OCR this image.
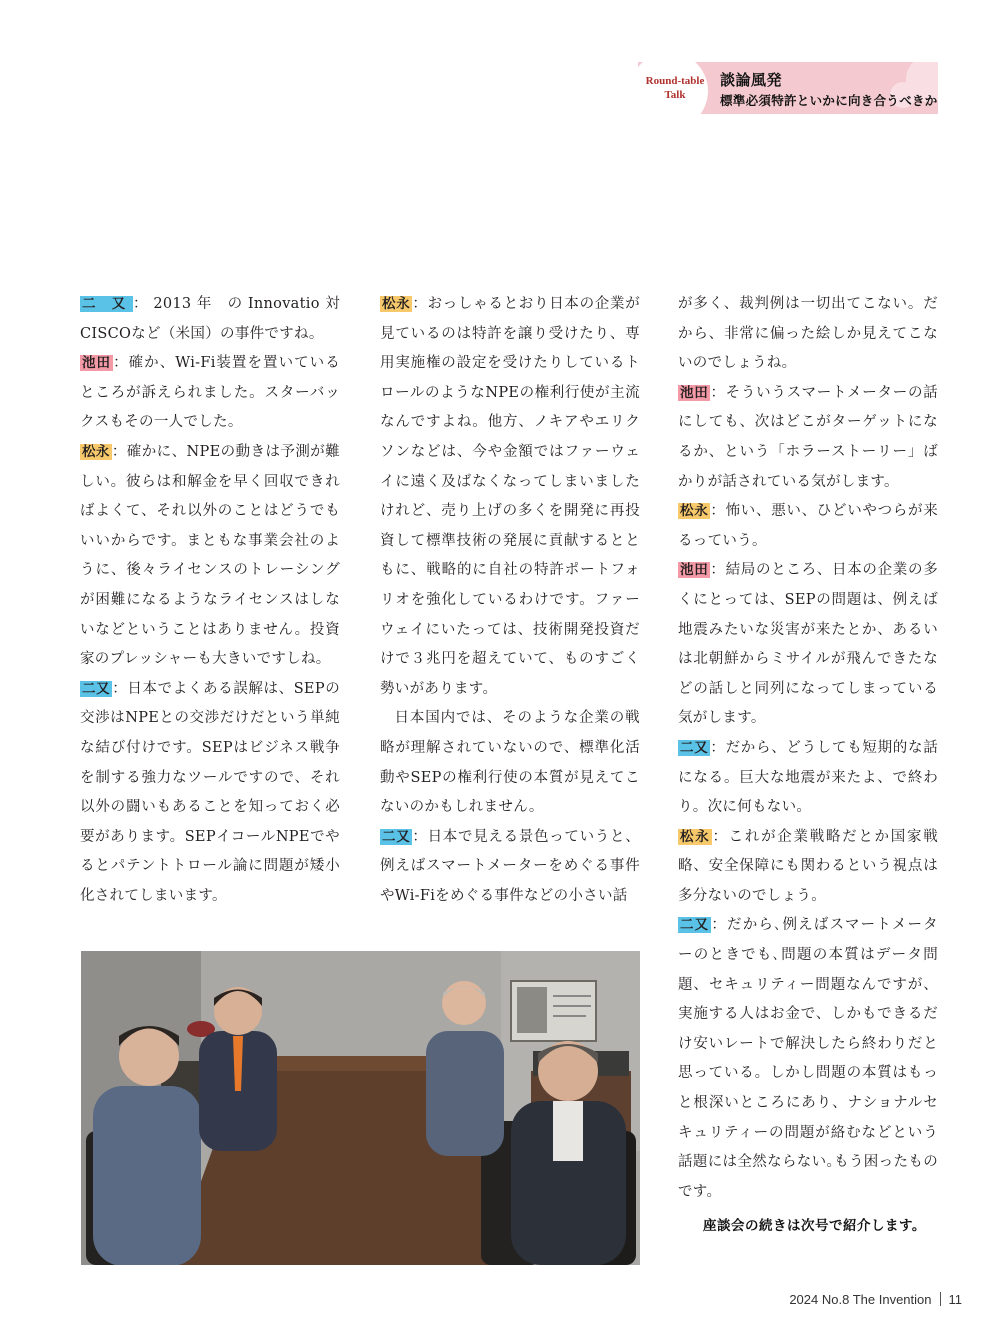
Round-table
Talk
談論風発
標準必須特許といかに向き合うべきか

二 又 ：2013年 のInnovatio対CISCOなど（米国）の事件ですね。

池田 ：確か、Wi-Fi装置を置いているところが訴えられました。スターバックスもその一人でした。

松永 ：確かに、NPEの動きは予測が難しい。彼らは和解金を早く回収できればよくて、それ以外のことはどうでもいいからです。まともな事業会社のように、後々ライセンスのトレーシングが困難になるようなライセンスはしないなどということはありません。投資家のプレッシャーも大きいですしね。

二又 ：日本でよくある誤解は、SEPの交渉はNPEとの交渉だけだという単純な結び付けです。SEPはビジネス戦争を制する強力なツールですので、それ以外の闘いもあることを知っておく必要があります。SEPイコールNPEでやるとパテントトロール論に問題が矮小化されてしまいます。

松永 ：おっしゃるとおり日本の企業が見ているのは特許を譲り受けたり、専用実施権の設定を受けたりしているトロールのようなNPEの権利行使が主流なんですよね。他方、ノキアやエリクソンなどは、今や金額ではファーウェイに遠く及ばなくなってしまいましたけれど、売り上げの多くを開発に再投資して標準技術の発展に貢献するとともに、戦略的に自社の特許ポートフォリオを強化しているわけです。ファーウェイにいたっては、技術開発投資だけで３兆円を超えていて、ものすごく勢いがあります。

日本国内では、そのような企業の戦略が理解されていないので、標準化活動やSEPの権利行使の本質が見えてこないのかもしれません。

二又 ：日本で見える景色っていうと、例えばスマートメーターをめぐる事件やWi-Fiをめぐる事件などの小さい話

が多く、裁判例は一切出てこない。だから、非常に偏った絵しか見えてこないのでしょうね。

池田 ：そういうスマートメーターの話にしても、次はどこがターゲットになるか、という「ホラーストーリー」ばかりが話されている気がします。

松永 ：怖い、悪い、ひどいやつらが来るっていう。

池田 ：結局のところ、日本の企業の多くにとっては、SEPの問題は、例えば地震みたいな災害が来たとか、あるいは北朝鮮からミサイルが飛んできたなどの話しと同列になってしまっている気がします。

二又 ：だから、どうしても短期的な話になる。巨大な地震が来たよ、で終わり。次に何もない。

松永 ：これが企業戦略だとか国家戦略、安全保障にも関わるという視点は多分ないのでしょう。

二又 ：だから､例えばスマートメーターのときでも､問題の本質はデータ問題、セキュリティー問題なんですが、実施する人はお金で、しかもできるだけ安いレートで解決したら終わりだと思っている。しかし問題の本質はもっと根深いところにあり、ナショナルセキュリティーの問題が絡むなどという話題には全然ならない｡もう困ったものです。

座談会の続きは次号で紹介します。
2024 No.8 The Invention 11
